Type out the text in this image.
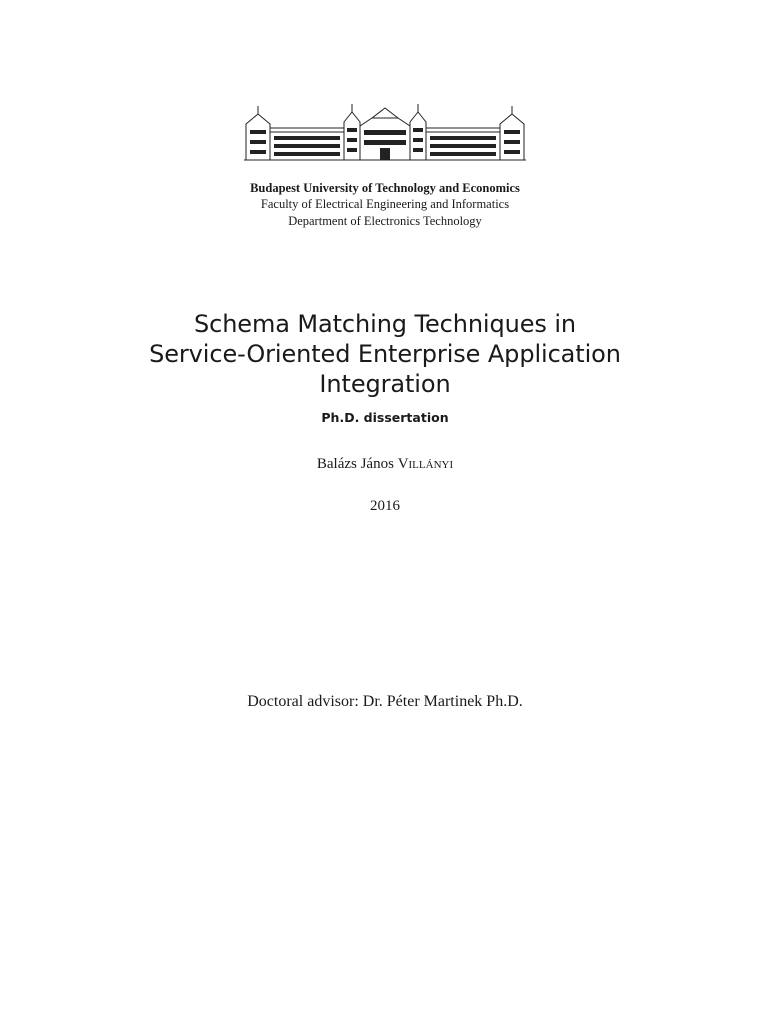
Budapest University of Technology and Economics
Faculty of Electrical Engineering and Informatics
Department of Electronics Technology
Schema Matching Techniques in
Service-Oriented Enterprise Application
Integration
Ph.D. dissertation
Balázs János Villányi
2016
Doctoral advisor: Dr. Péter Martinek Ph.D.
